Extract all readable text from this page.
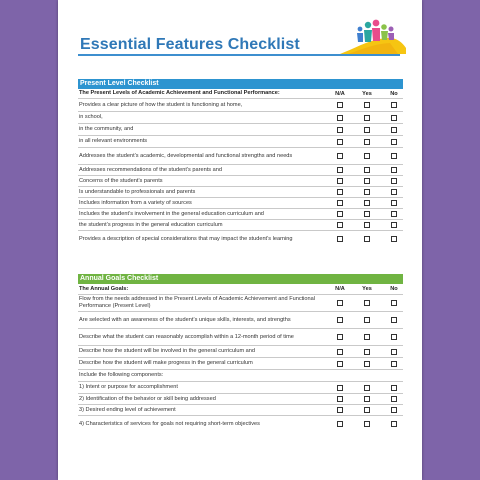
Essential Features Checklist
Present Level Checklist
The Present Levels of Academic Achievement and Functional Performance:	N/A	Yes	No
Provides a clear picture of how the student is functioning at home,
in school,
in the community, and
in all relevant environments
Addresses the student’s academic, developmental and functional strengths and needs
Addresses recommendations of the student’s parents and
Concerns of the student’s parents
Is understandable to professionals and parents
Includes information from a variety of sources
Includes the student’s involvement in the general education curriculum and
the student’s progress in the general education curriculum
Provides a description of special considerations that may impact the student’s learning
Annual Goals Checklist
The Annual Goals:	N/A	Yes	No
Flow from the needs addressed in the Present Levels of Academic Achievement and Functional Performance (Present Level)
Are selected with an awareness of the student’s unique skills, interests, and strengths
Describe what the student can reasonably accomplish within a 12-month period of time
Describe how the student will be involved in the general curriculum and
Describe how the student will make progress in the general curriculum
Include the following components:
1) Intent or purpose for accomplishment
2) Identification of the behavior or skill being addressed
3) Desired ending level of achievement
4) Characteristics of services for goals not requiring short-term objectives
